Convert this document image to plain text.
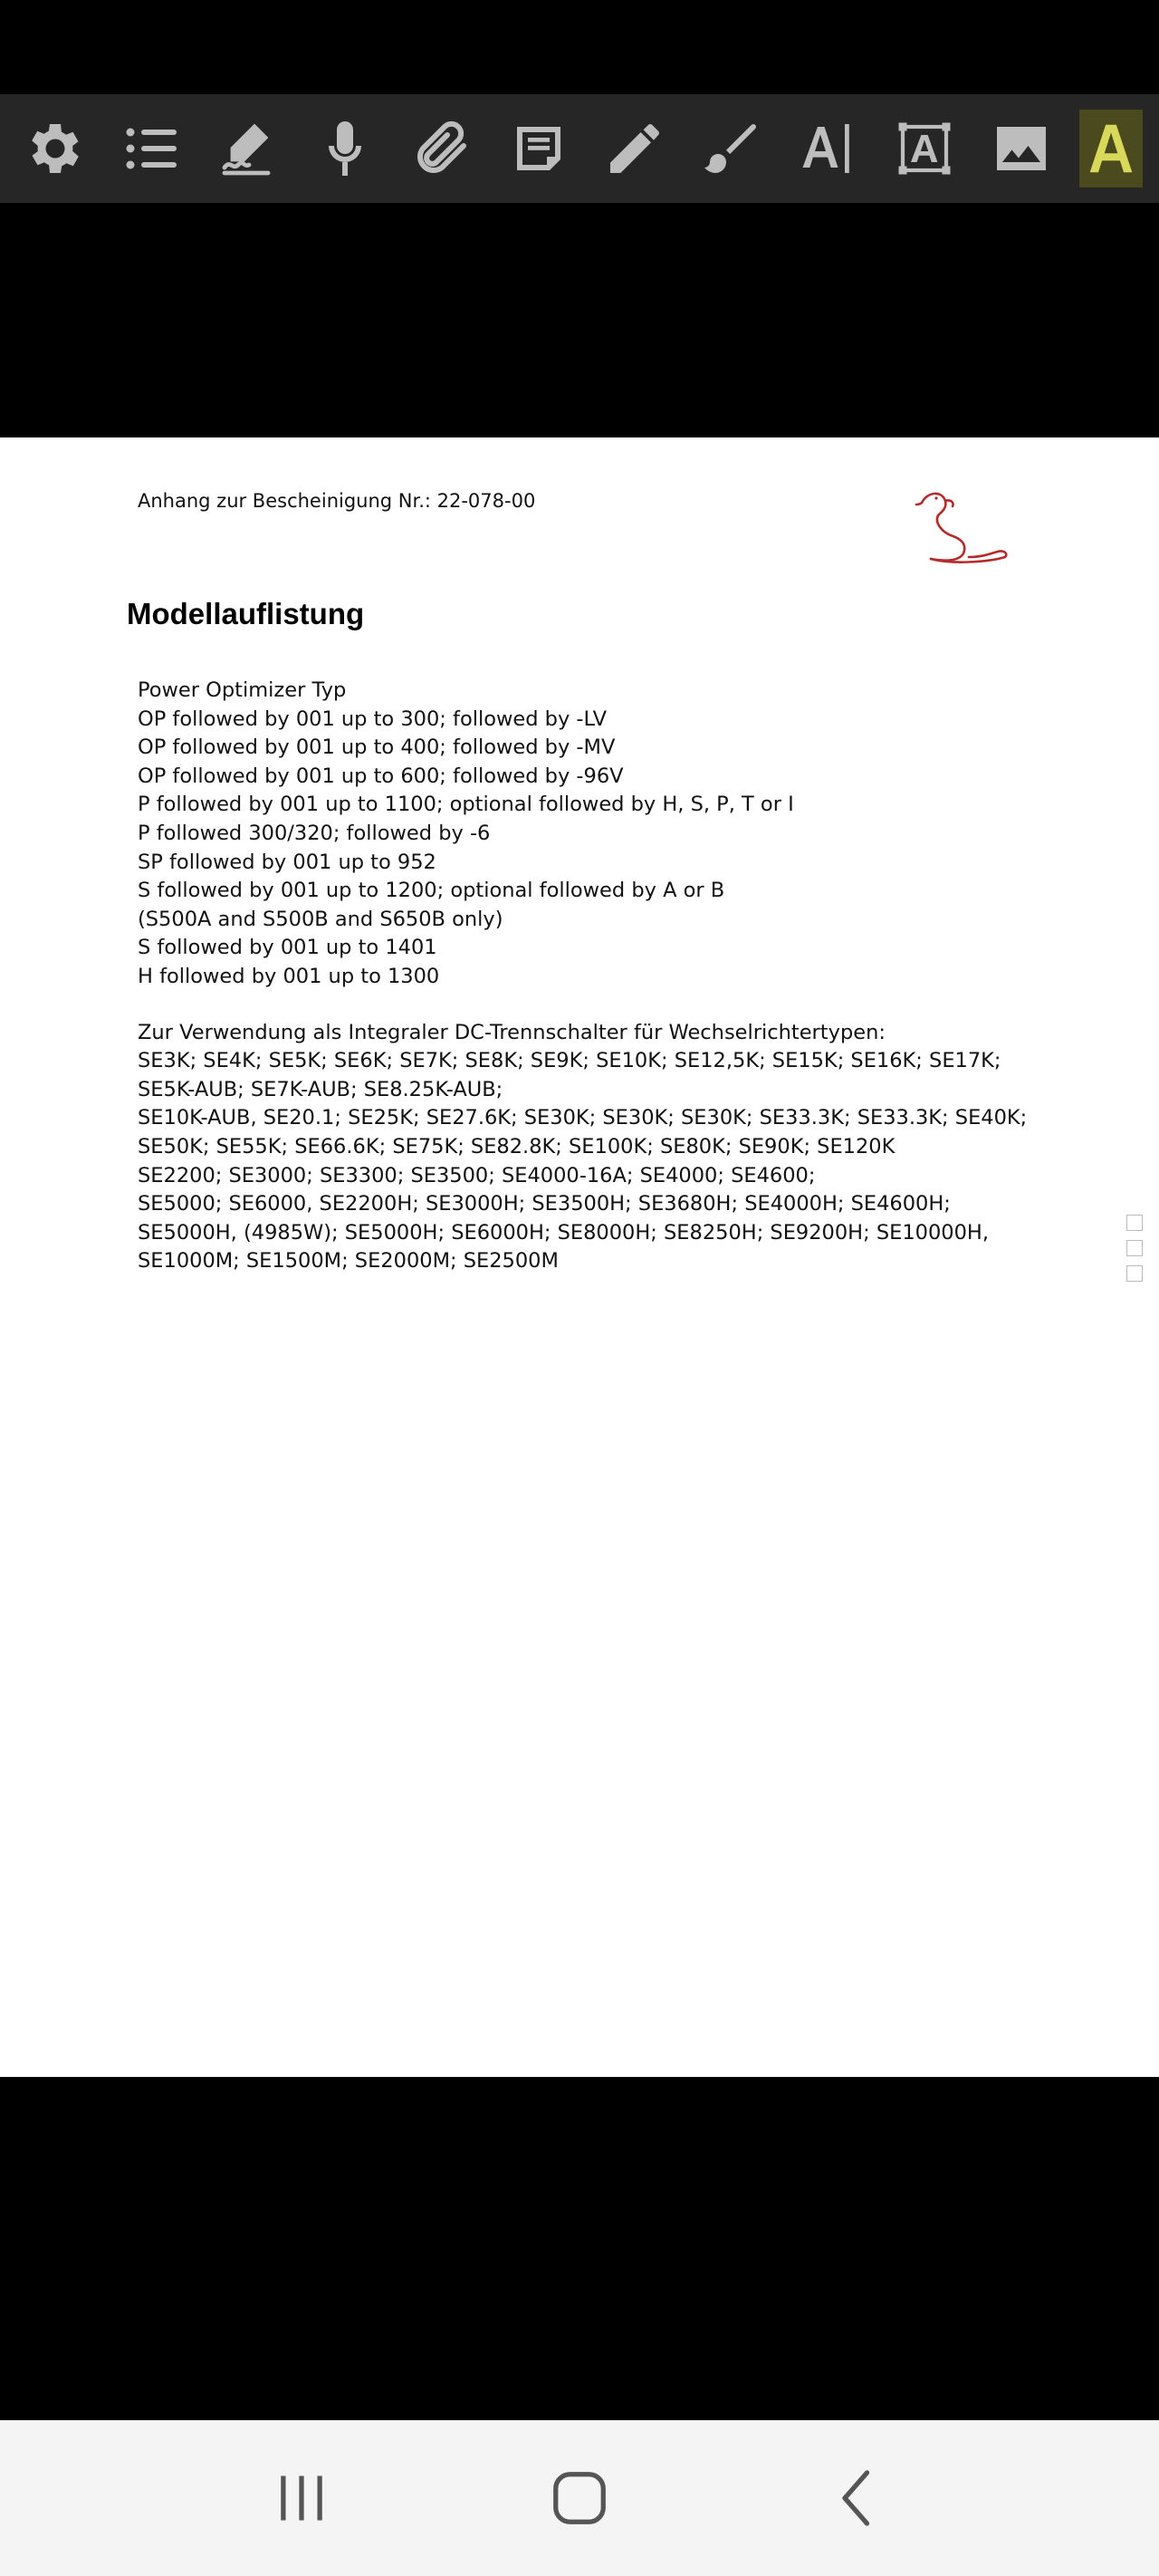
Anhang zur Bescheinigung Nr.: 22-078-00
Modellauflistung
Power Optimizer Typ
OP followed by 001 up to 300; followed by -LV
OP followed by 001 up to 400; followed by -MV
OP followed by 001 up to 600; followed by -96V
P followed by 001 up to 1100; optional followed by H, S, P, T or I
P followed 300/320; followed by -6
SP followed by 001 up to 952
S followed by 001 up to 1200; optional followed by A or B
(S500A and S500B and S650B only)
S followed by 001 up to 1401
H followed by 001 up to 1300
Zur Verwendung als Integraler DC-Trennschalter für Wechselrichtertypen:
SE3K; SE4K; SE5K; SE6K; SE7K; SE8K; SE9K; SE10K; SE12,5K; SE15K; SE16K; SE17K;
SE5K-AUB; SE7K-AUB; SE8.25K-AUB;
SE10K-AUB, SE20.1; SE25K; SE27.6K; SE30K; SE30K; SE30K; SE33.3K; SE33.3K; SE40K;
SE50K; SE55K; SE66.6K; SE75K; SE82.8K; SE100K; SE80K; SE90K; SE120K
SE2200; SE3000; SE3300; SE3500; SE4000-16A; SE4000; SE4600;
SE5000; SE6000, SE2200H; SE3000H; SE3500H; SE3680H; SE4000H; SE4600H;
SE5000H, (4985W); SE5000H; SE6000H; SE8000H; SE8250H; SE9200H; SE10000H,
SE1000M; SE1500M; SE2000M; SE2500M
